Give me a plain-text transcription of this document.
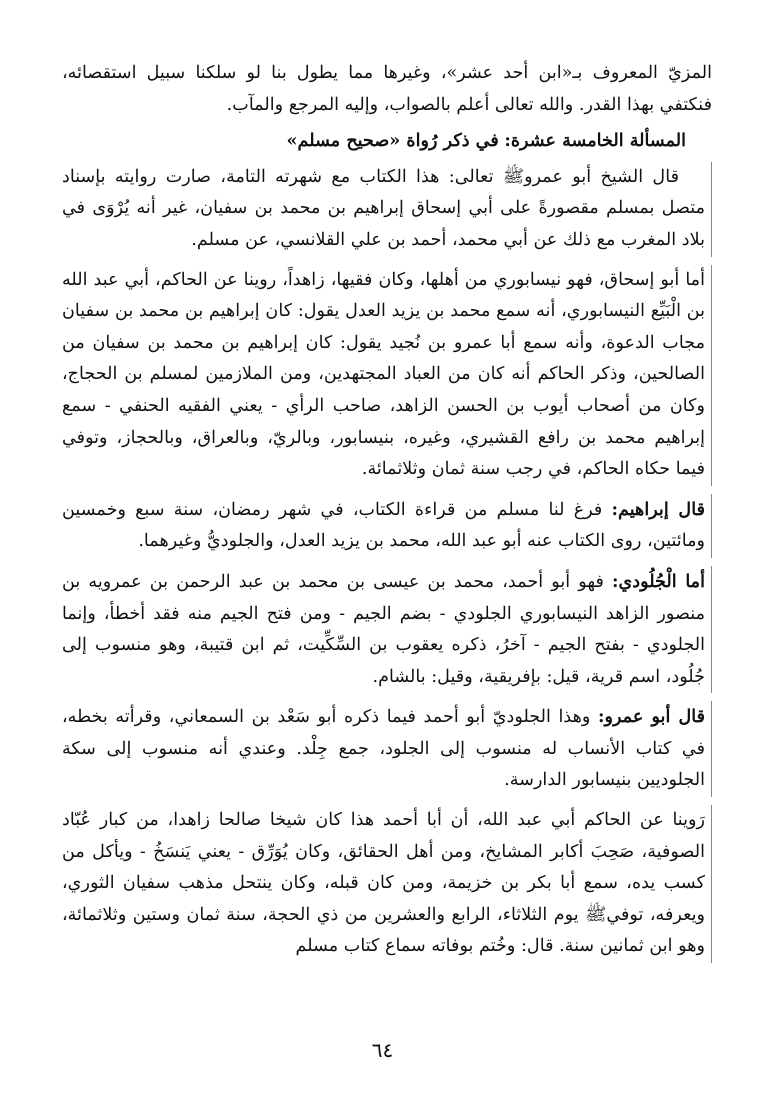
المزيّ المعروف بـ«ابن أحد عشر»، وغيرها مما يطول بنا لو سلكنا سبيل استقصائه، فنكتفي بهذا القدر. والله تعالى أعلم بالصواب، وإليه المرجع والمآب.

المسألة الخامسة عشرة: في ذكر رُواة «صحيح مسلم»

قال الشيخ أبو عمروﷺ تعالى: هذا الكتاب مع شهرته التامة، صارت روايته بإسناد متصل بمسلم مقصورةً على أبي إسحاق إبراهيم بن محمد بن سفيان، غير أنه يُرْوَى في بلاد المغرب مع ذلك عن أبي محمد، أحمد بن علي القلانسي، عن مسلم.

أما أبو إسحاق، فهو نيسابوري من أهلها، وكان فقيها، زاهداً، روينا عن الحاكم، أبي عبد الله بن الْبَيِّع النيسابوري، أنه سمع محمد بن يزيد العدل يقول: كان إبراهيم بن محمد بن سفيان مجاب الدعوة، وأنه سمع أبا عمرو بن نُجيد يقول: كان إبراهيم بن محمد بن سفيان من الصالحين، وذكر الحاكم أنه كان من العباد المجتهدين، ومن الملازمين لمسلم بن الحجاج، وكان من أصحاب أيوب بن الحسن الزاهد، صاحب الرأي - يعني الفقيه الحنفي - سمع إبراهيم محمد بن رافع القشيري، وغيره، بنيسابور، وبالريّ، وبالعراق، وبالحجاز، وتوفي فيما حكاه الحاكم، في رجب سنة ثمان وثلاثمائة.

قال إبراهيم: فرغ لنا مسلم من قراءة الكتاب، في شهر رمضان، سنة سبع وخمسين ومائتين، روى الكتاب عنه أبو عبد الله، محمد بن يزيد العدل، والجلوديُّ وغيرهما.

أما الْجُلُودي: فهو أبو أحمد، محمد بن عيسى بن محمد بن عبد الرحمن بن عمرويه بن منصور الزاهد النيسابوري الجلودي - بضم الجيم - ومن فتح الجيم منه فقد أخطأ، وإنما الجلودي - بفتح الجيم - آخرُ، ذكره يعقوب بن السِّكِّيت، ثم ابن قتيبة، وهو منسوب إلى جُلُود، اسم قرية، قيل: بإفريقية، وقيل: بالشام.

قال أبو عمرو: وهذا الجلوديّ أبو أحمد فيما ذكره أبو سَعْد بن السمعاني، وقرأته بخطه، في كتاب الأنساب له منسوب إلى الجلود، جمع جِلْد. وعندي أنه منسوب إلى سكة الجلوديين بنيسابور الدارسة.

رَوينا عن الحاكم أبي عبد الله، أن أبا أحمد هذا كان شيخا صالحا زاهدا، من كبار عُبّاد الصوفية، صَحِبَ أكابر المشايخ، ومن أهل الحقائق، وكان يُوَرِّق - يعني يَنسَخُ - ويأكل من كسب يده، سمع أبا بكر بن خزيمة، ومن كان قبله، وكان ينتحل مذهب سفيان الثوري، ويعرفه، توفيﷺ يوم الثلاثاء، الرابع والعشرين من ذي الحجة، سنة ثمان وستين وثلاثمائة، وهو ابن ثمانين سنة. قال: وخُتم بوفاته سماع كتاب مسلم

٦٤
